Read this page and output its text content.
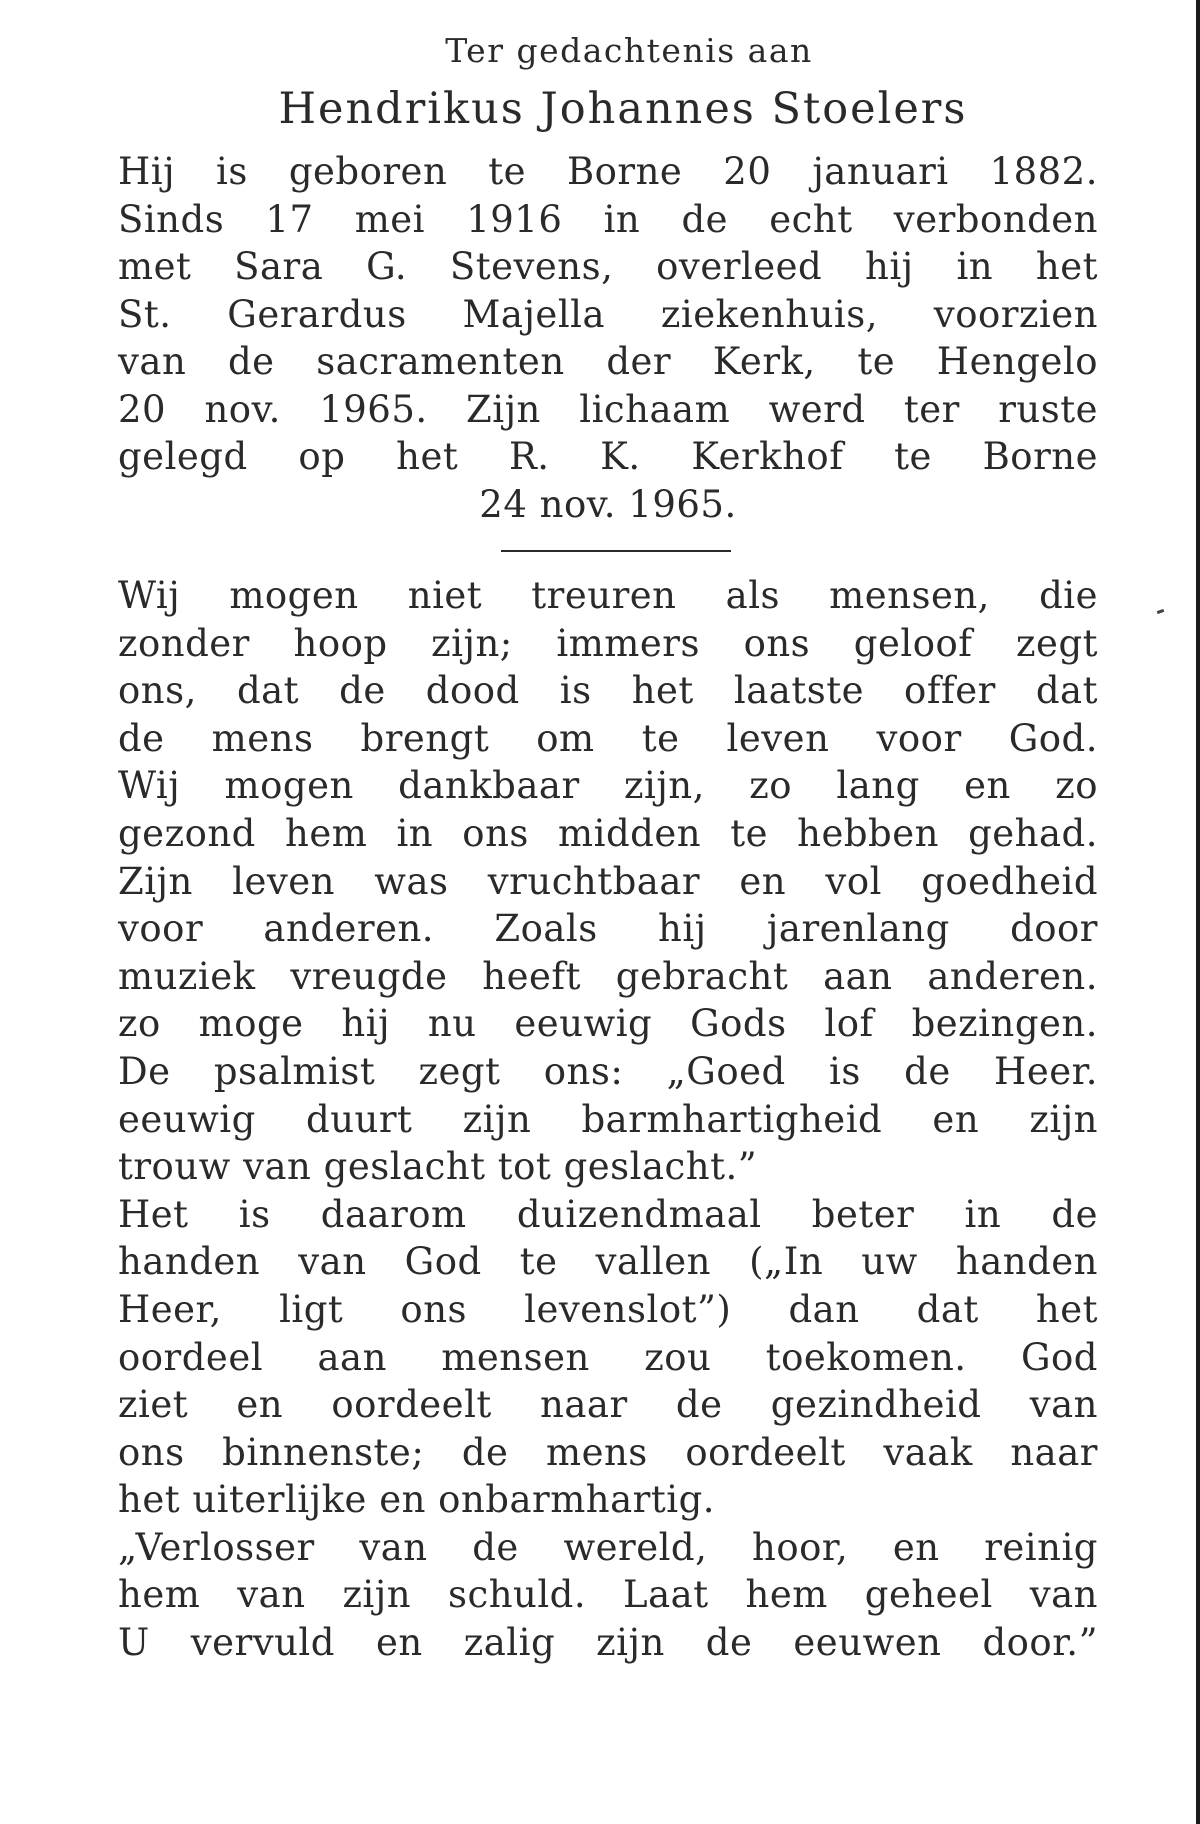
Ter gedachtenis aan

Hendrikus Johannes Stoelers

Hij is geboren te Borne 20 januari 1882.
Sinds 17 mei 1916 in de echt verbonden
met Sara G. Stevens, overleed hij in het
St. Gerardus Majella ziekenhuis, voorzien
van de sacramenten der Kerk, te Hengelo
20 nov. 1965. Zijn lichaam werd ter ruste
gelegd op het R. K. Kerkhof te Borne
24 nov. 1965.
Wij mogen niet treuren als mensen, die
zonder hoop zijn; immers ons geloof zegt
ons, dat de dood is het laatste offer dat
de mens brengt om te leven voor God.
Wij mogen dankbaar zijn, zo lang en zo
gezond hem in ons midden te hebben gehad.
Zijn leven was vruchtbaar en vol goedheid
voor anderen. Zoals hij jarenlang door
muziek vreugde heeft gebracht aan anderen.
zo moge hij nu eeuwig Gods lof bezingen.
De psalmist zegt ons: „Goed is de Heer.
eeuwig duurt zijn barmhartigheid en zijn
trouw van geslacht tot geslacht.”
Het is daarom duizendmaal beter in de
handen van God te vallen („In uw handen
Heer, ligt ons levenslot”) dan dat het
oordeel aan mensen zou toekomen. God
ziet en oordeelt naar de gezindheid van
ons binnenste; de mens oordeelt vaak naar
het uiterlijke en onbarmhartig.
„Verlosser van de wereld, hoor, en reinig
hem van zijn schuld. Laat hem geheel van
U vervuld en zalig zijn de eeuwen door.”
